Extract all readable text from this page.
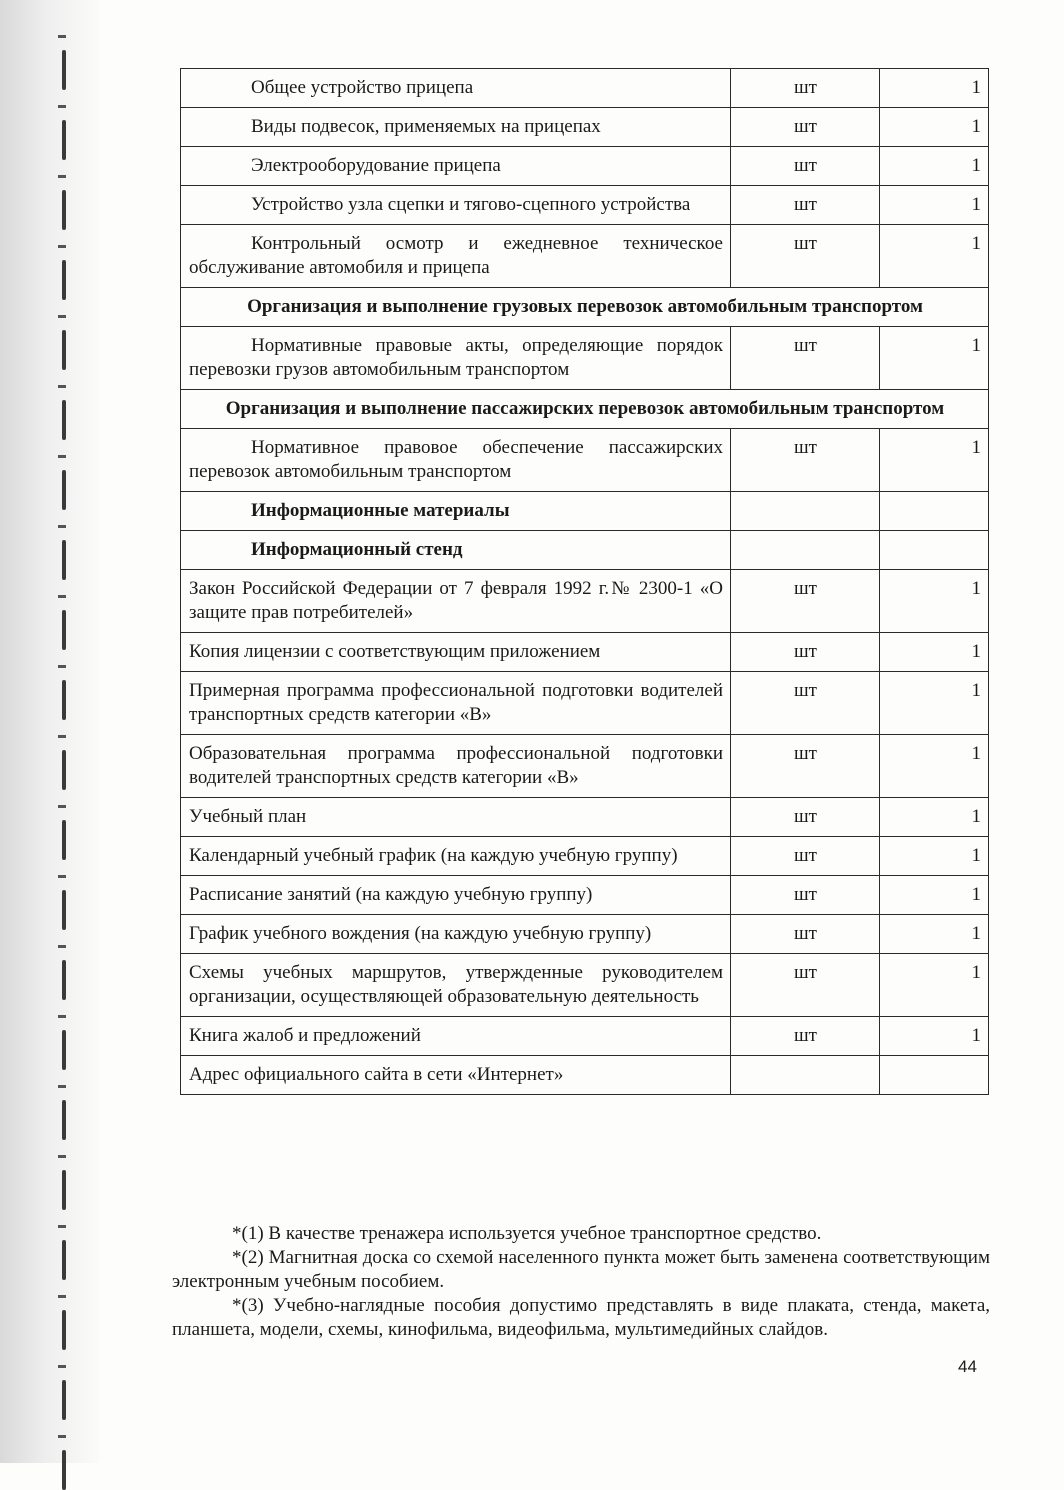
Общее устройство прицепа	шт	1
Виды подвесок, применяемых на прицепах	шт	1
Электрооборудование прицепа	шт	1
Устройство узла сцепки и тягово-сцепного устройства	шт	1
Контрольный осмотр и ежедневное техническое обслуживание автомобиля и прицепа	шт	1
Организация и выполнение грузовых перевозок автомобильным транспортом		
Нормативные правовые акты, определяющие порядок перевозки грузов автомобильным транспортом	шт	1
Организация и выполнение пассажирских перевозок автомобильным транспортом		
Нормативное правовое обеспечение пассажирских перевозок автомобильным транспортом	шт	1
Информационные материалы		
Информационный стенд		
Закон Российской Федерации от 7 февраля 1992 г.№ 2300-1 «О защите прав потребителей»	шт	1
Копия лицензии с соответствующим приложением	шт	1
Примерная программа профессиональной подготовки водителей транспортных средств категории «В»	шт	1
Образовательная программа профессиональной подготовки водителей транспортных средств категории «В»	шт	1
Учебный план	шт	1
Календарный учебный график (на каждую учебную группу)	шт	1
Расписание занятий (на каждую учебную группу)	шт	1
График учебного вождения (на каждую учебную группу)	шт	1
Схемы учебных маршрутов, утвержденные руководителем организации, осуществляющей образовательную деятельность	шт	1
Книга жалоб и предложений	шт	1
Адрес официального сайта в сети «Интернет»		

*(1) В качестве тренажера используется учебное транспортное средство.

*(2) Магнитная доска со схемой населенного пункта может быть заменена соответствующим электронным учебным пособием.

*(3) Учебно-наглядные пособия допустимо представлять в виде плаката, стенда, макета, планшета, модели, схемы, кинофильма, видеофильма, мультимедийных слайдов.

44
